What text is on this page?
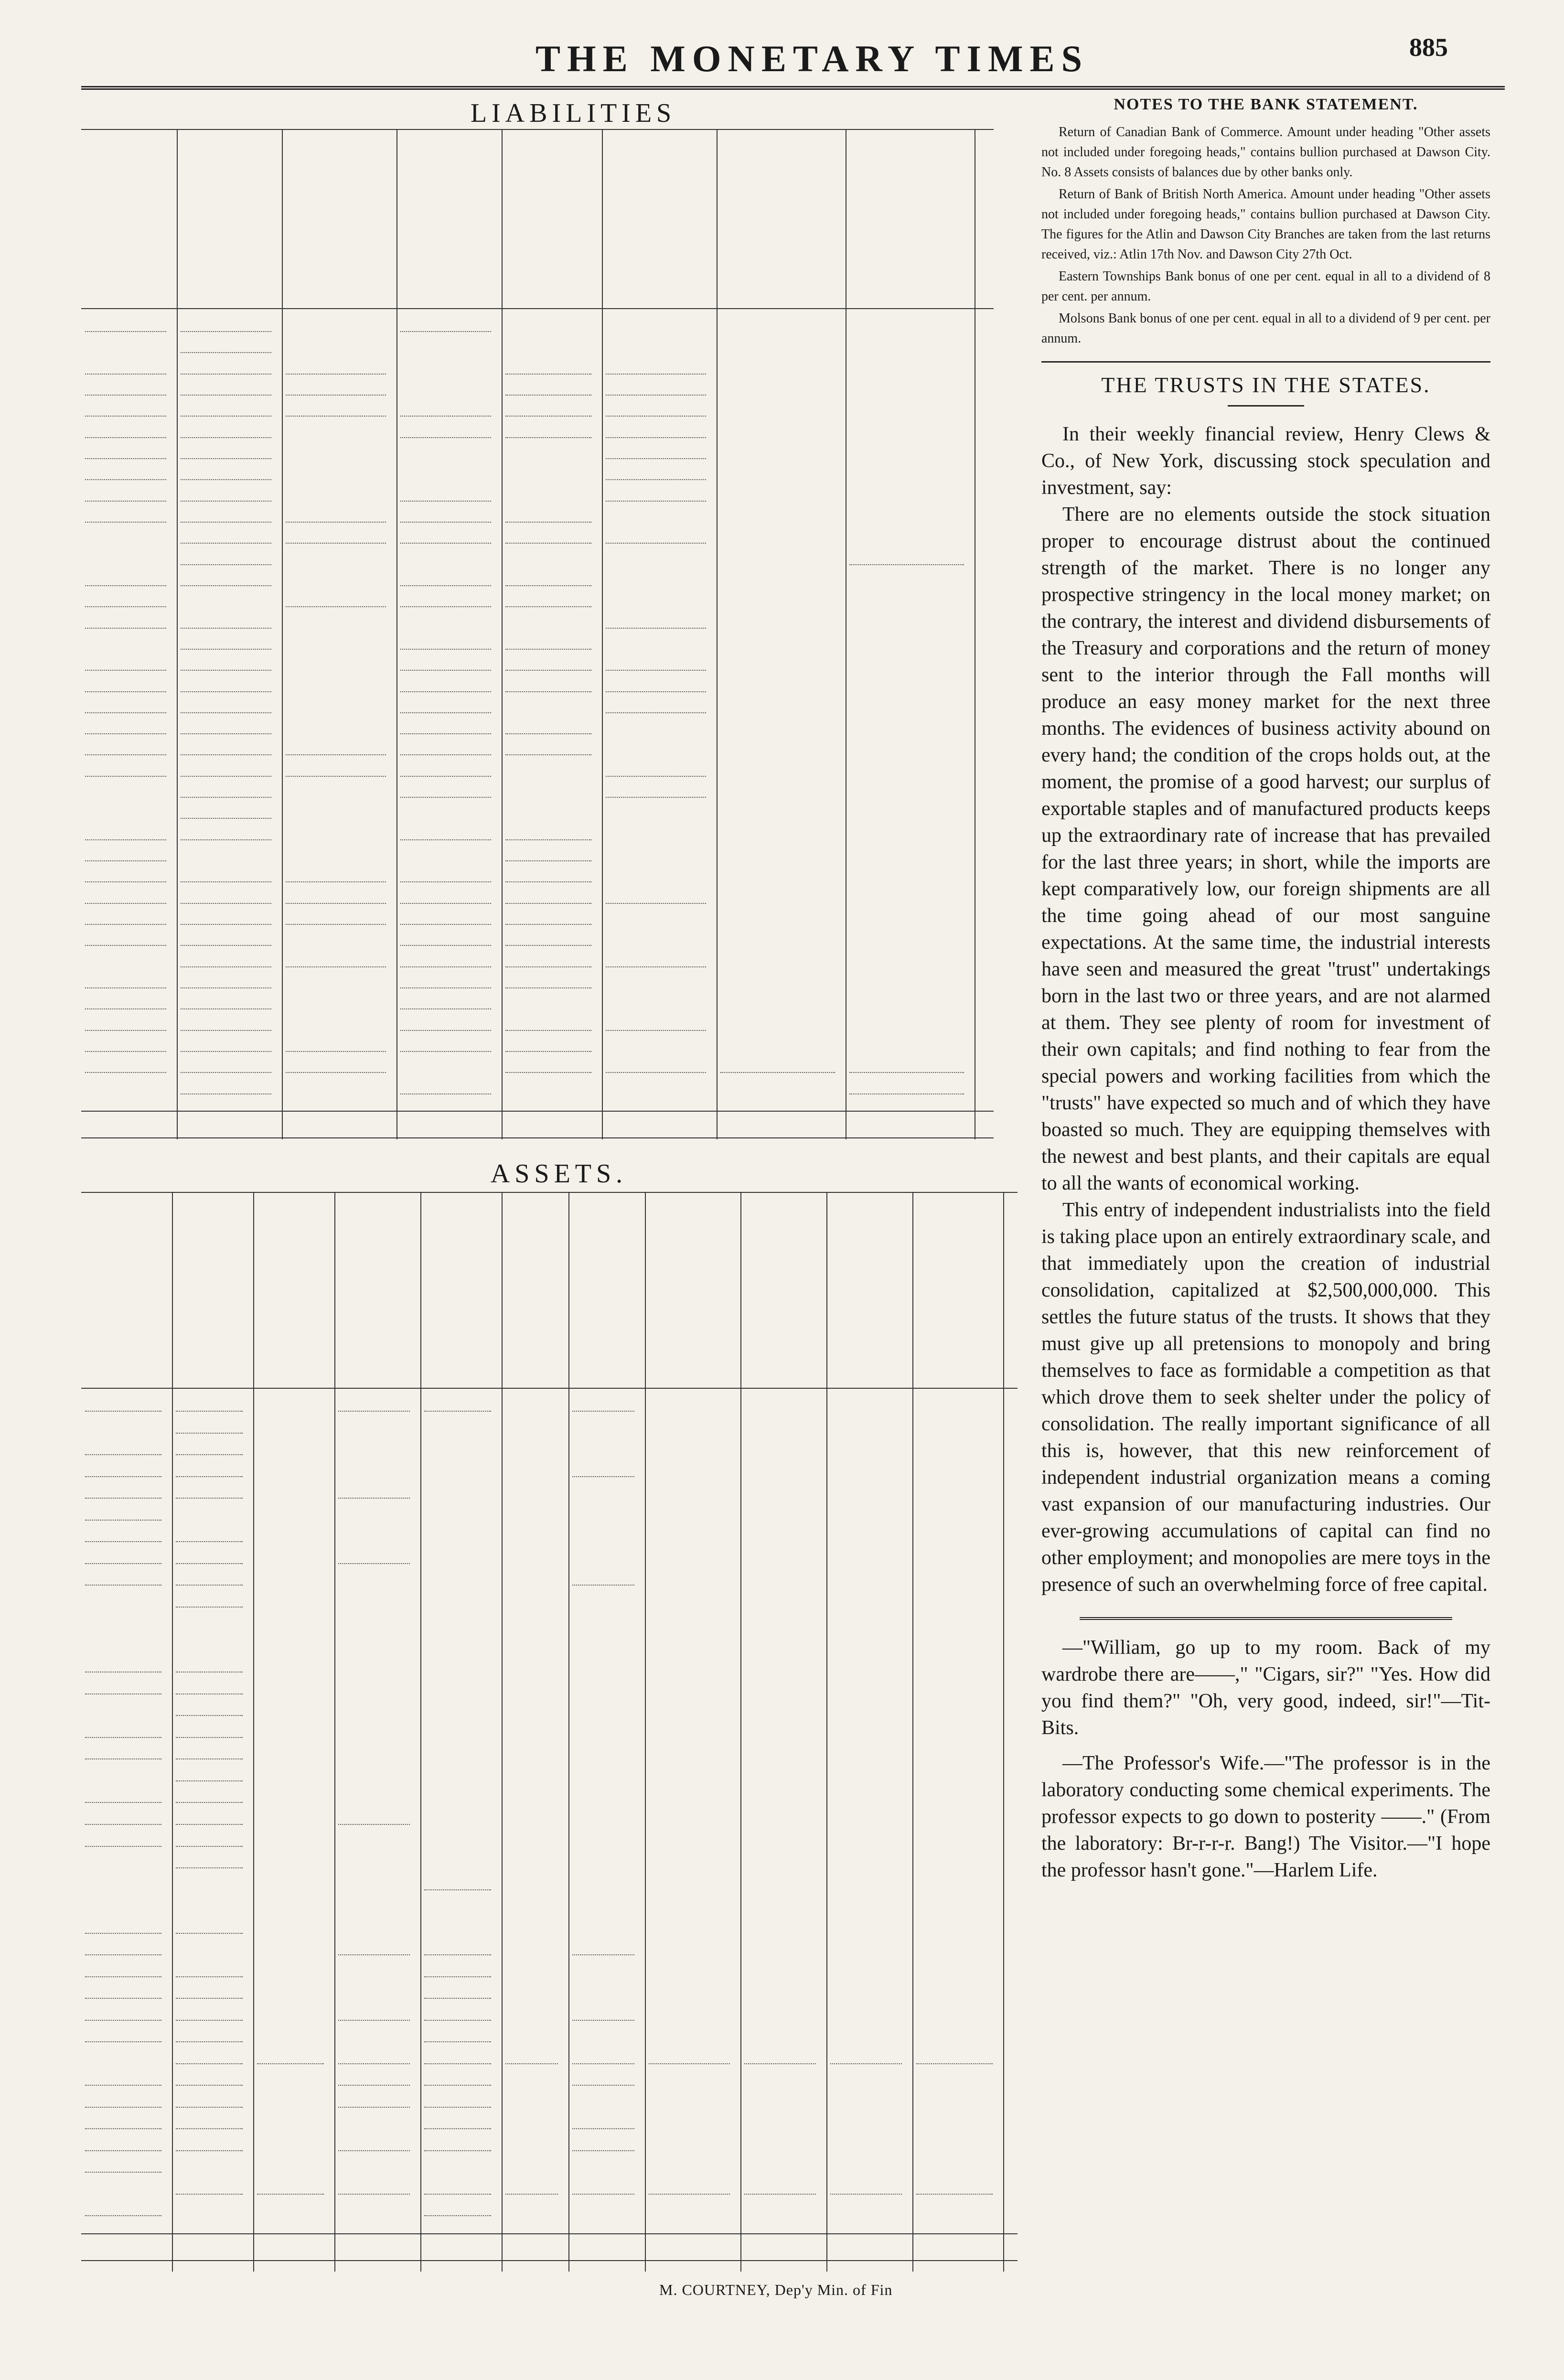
THE MONETARY TIMES	885
LIABILITIES
ASSETS.
NOTES TO THE BANK STATEMENT.

Return of Canadian Bank of Commerce. Amount under heading "Other assets not included under foregoing heads," contains bullion purchased at Dawson City. No. 8 Assets consists of balances due by other banks only.

Return of Bank of British North America. Amount under heading "Other assets not included under foregoing heads," contains bullion purchased at Dawson City. The figures for the Atlin and Dawson City Branches are taken from the last returns received, viz.: Atlin 17th Nov. and Dawson City 27th Oct.

Eastern Townships Bank bonus of one per cent. equal in all to a dividend of 8 per cent. per annum.

Molsons Bank bonus of one per cent. equal in all to a dividend of 9 per cent. per annum.

THE TRUSTS IN THE STATES.

In their weekly financial review, Henry Clews & Co., of New York, discussing stock speculation and investment, say:

There are no elements outside the stock situation proper to encourage distrust about the continued strength of the market. There is no longer any prospective stringency in the local money market; on the contrary, the interest and dividend disbursements of the Treasury and corporations and the return of money sent to the interior through the Fall months will produce an easy money market for the next three months. The evidences of business activity abound on every hand; the condition of the crops holds out, at the moment, the promise of a good harvest; our surplus of exportable staples and of manufactured products keeps up the extraordinary rate of increase that has prevailed for the last three years; in short, while the imports are kept comparatively low, our foreign shipments are all the time going ahead of our most sanguine expectations. At the same time, the industrial interests have seen and measured the great "trust" undertakings born in the last two or three years, and are not alarmed at them. They see plenty of room for investment of their own capitals; and find nothing to fear from the special powers and working facilities from which the "trusts" have expected so much and of which they have boasted so much. They are equipping themselves with the newest and best plants, and their capitals are equal to all the wants of economical working.

This entry of independent industrialists into the field is taking place upon an entirely extraordinary scale, and that immediately upon the creation of industrial consolidation, capitalized at $2,500,000,000. This settles the future status of the trusts. It shows that they must give up all pretensions to monopoly and bring themselves to face as formidable a competition as that which drove them to seek shelter under the policy of consolidation. The really important significance of all this is, however, that this new reinforcement of independent industrial organization means a coming vast expansion of our manufacturing industries. Our ever-growing accumulations of capital can find no other employment; and monopolies are mere toys in the presence of such an overwhelming force of free capital.

—"William, go up to my room. Back of my wardrobe there are——," "Cigars, sir?" "Yes. How did you find them?" "Oh, very good, indeed, sir!"—Tit-Bits.

—The Professor's Wife.—"The professor is in the laboratory conducting some chemical experiments. The professor expects to go down to posterity ——." (From the laboratory: Br-r-r-r. Bang!) The Visitor.—"I hope the professor hasn't gone."—Harlem Life.

M. COURTNEY, Dep'y Min. of Fin
